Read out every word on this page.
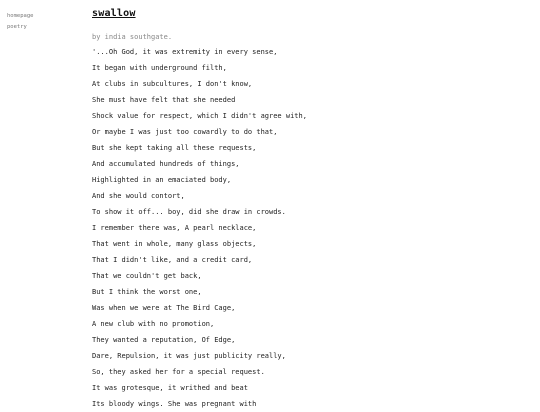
homepage
poetry
swallow
by india southgate.
'...Oh God, it was extremity in every sense,
It began with underground filth,
At clubs in subcultures, I don't know,
She must have felt that she needed
Shock value for respect, which I didn't agree with,
Or maybe I was just too cowardly to do that,
But she kept taking all these requests,
And accumulated hundreds of things,
Highlighted in an emaciated body,
And she would contort,
To show it off... boy, did she draw in crowds.
I remember there was, A pearl necklace,
That went in whole, many glass objects,
That I didn't like, and a credit card,
That we couldn't get back,
But I think the worst one,
Was when we were at The Bird Cage,
A new club with no promotion,
They wanted a reputation, Of Edge,
Dare, Repulsion, it was just publicity really,
So, they asked her for a special request.
It was grotesque, it writhed and beat
Its bloody wings. She was pregnant with
